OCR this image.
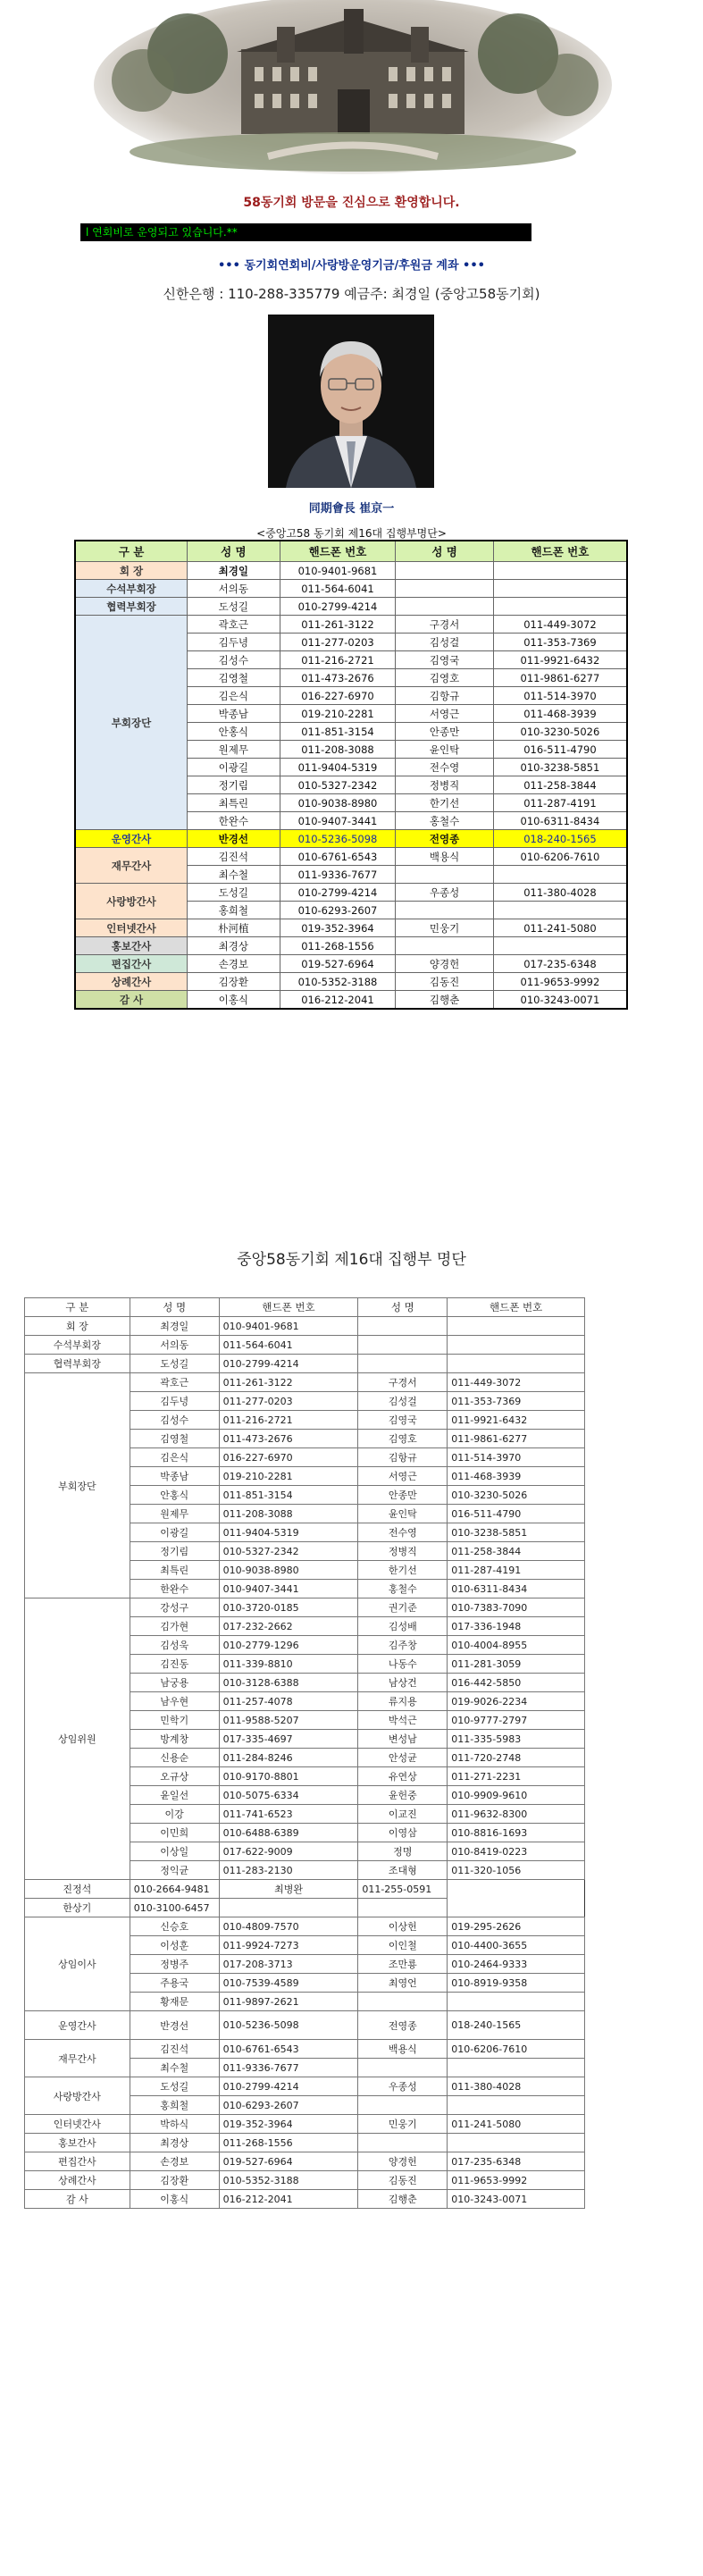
58동기회 방문을 진심으로 환영합니다.
l 연회비로 운영되고 있습니다.**
••• 동기회연회비/사랑방운영기금/후원금 계좌 •••
신한은행 : 110-288-335779 예금주: 최경일 (중앙고58동기회)
同期會長 崔京一
<중앙고58 동기회 제16대 집행부명단>
구 분	성 명	핸드폰 번호	성 명	핸드폰 번호
회 장	최경일	010-9401-9681		
수석부회장	서의동	011-564-6041		
협력부회장	도성길	010-2799-4214		
부회장단	곽호근	011-261-3122	구경서	011-449-3072
	김두녕	011-277-0203	김성걸	011-353-7369
	김성수	011-216-2721	김영국	011-9921-6432
	김영철	011-473-2676	김영호	011-9861-6277
	김은식	016-227-6970	김항규	011-514-3970
	박종남	019-210-2281	서영근	011-468-3939
	안홍식	011-851-3154	안종만	010-3230-5026
	원제무	011-208-3088	윤인탁	016-511-4790
	이광길	011-9404-5319	전수영	010-3238-5851
	정기림	010-5327-2342	정병직	011-258-3844
	최특린	010-9038-8980	한기선	011-287-4191
	한완수	010-9407-3441	홍철수	010-6311-8434
운영간사	반경선	010-5236-5098	전영종	018-240-1565
재무간사	김진석	010-6761-6543	백용식	010-6206-7610
	최수철	011-9336-7677		
사랑방간사	도성길	010-2799-4214	우종성	011-380-4028
	홍희철	010-6293-2607		
인터넷간사	朴河植	019-352-3964	민웅기	011-241-5080
홍보간사	최경상	011-268-1556		
편집간사	손경보	019-527-6964	양경헌	017-235-6348
상례간사	김장환	010-5352-3188	김동진	011-9653-9992
감 사	이홍식	016-212-2041	김행춘	010-3243-0071
중앙58동기회 제16대 집행부 명단
구 분	성 명	핸드폰 번호	성 명	핸드폰 번호
회 장	최경일	010-9401-9681		
수석부회장	서의동	011-564-6041		
협력부회장	도성길	010-2799-4214		
부회장단	곽호근	011-261-3122	구경서	011-449-3072
	김두녕	011-277-0203	김성걸	011-353-7369
	김성수	011-216-2721	김영국	011-9921-6432
	김영철	011-473-2676	김영호	011-9861-6277
	김은식	016-227-6970	김항규	011-514-3970
	박종남	019-210-2281	서영근	011-468-3939
	안홍식	011-851-3154	안종만	010-3230-5026
	원제무	011-208-3088	윤인탁	016-511-4790
	이광길	011-9404-5319	전수영	010-3238-5851
	정기림	010-5327-2342	정병직	011-258-3844
	최특린	010-9038-8980	한기선	011-287-4191
	한완수	010-9407-3441	홍철수	010-6311-8434
상임위원	강성구	010-3720-0185	권기준	010-7383-7090
	김가현	017-232-2662	김성배	017-336-1948
	김성욱	010-2779-1296	김주창	010-4004-8955
	김진동	011-339-8810	나동수	011-281-3059
	남궁용	010-3128-6388	남상건	016-442-5850
	남우현	011-257-4078	류지용	019-9026-2234
	민학기	011-9588-5207	박석근	010-9777-2797
	방계창	017-335-4697	변성남	011-335-5983
	신용순	011-284-8246	안성균	011-720-2748
	오규상	010-9170-8801	유연상	011-271-2231
	윤일선	010-5075-6334	윤헌중	010-9909-9610
	이강	011-741-6523	이교진	011-9632-8300
	이민희	010-6488-6389	이영삼	010-8816-1693
	이상일	017-622-9009	정명	010-8419-0223
	정익균	011-283-2130	조대형	011-320-1056
진정석	010-2664-9481	최병완	011-255-0591	
한상기	010-3100-6457			
상임이사	신승호	010-4809-7570	이상헌	019-295-2626
	이성훈	011-9924-7273	이인철	010-4400-3655
	정병주	017-208-3713	조만룡	010-2464-9333
	주용국	010-7539-4589	최영언	010-8919-9358
	황재문	011-9897-2621		
운영간사	반경선	010-5236-5098	전영종	018-240-1565
재무간사	김진석	010-6761-6543	백용식	010-6206-7610
	최수철	011-9336-7677		
사랑방간사	도성길	010-2799-4214	우종성	011-380-4028
	홍희철	010-6293-2607		
인터넷간사	박하식	019-352-3964	민웅기	011-241-5080
홍보간사	최경상	011-268-1556		
편집간사	손경보	019-527-6964	양경헌	017-235-6348
상례간사	김장환	010-5352-3188	김동진	011-9653-9992
감 사	이홍식	016-212-2041	김행춘	010-3243-0071
